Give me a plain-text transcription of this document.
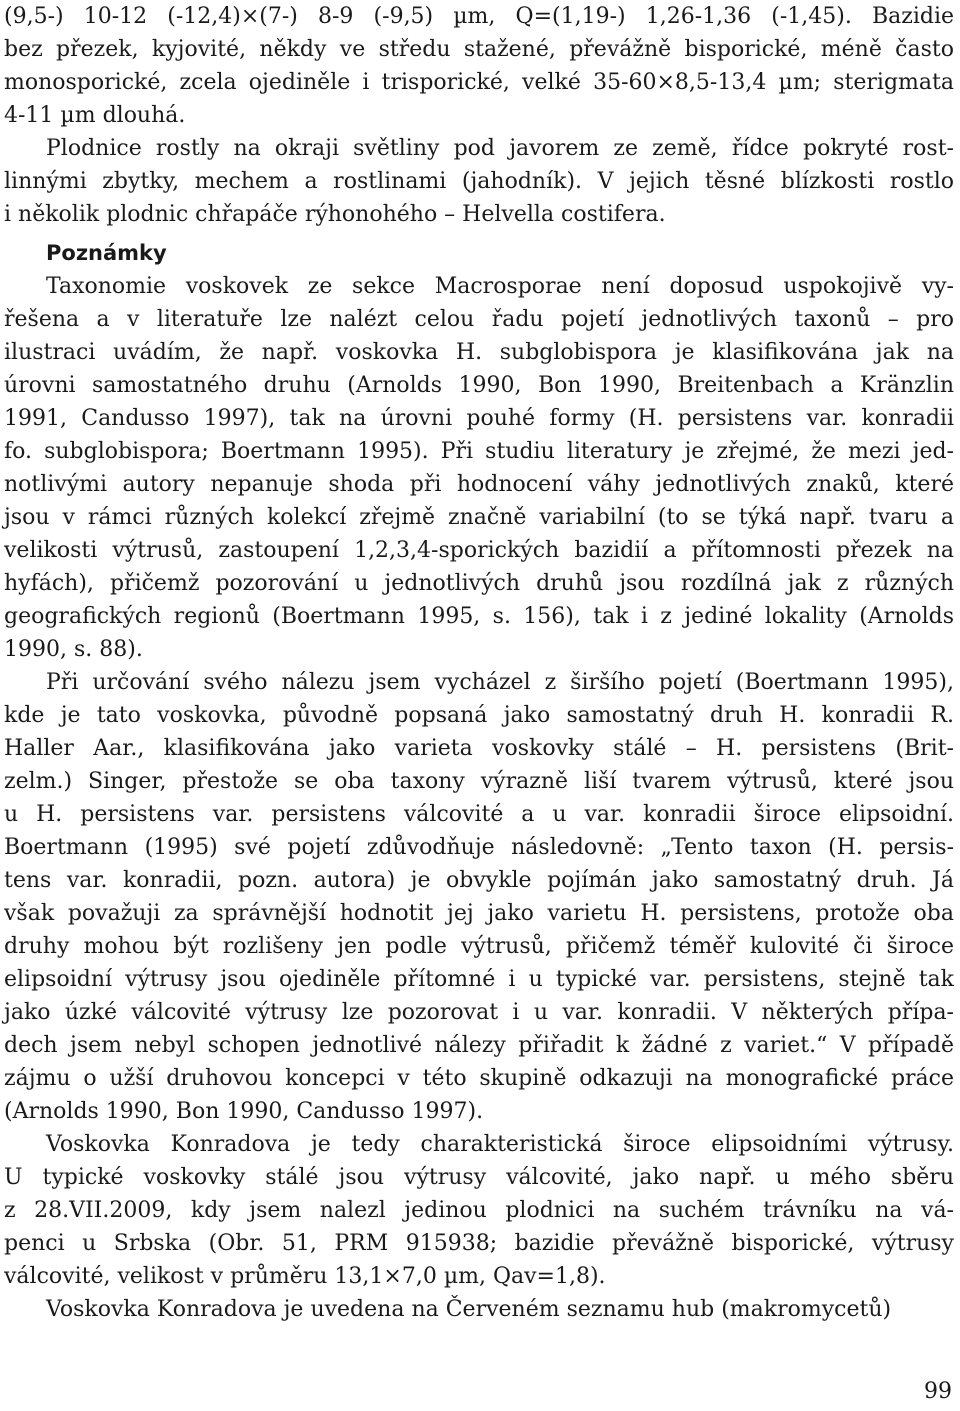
(9,5-) 10-12 (-12,4)×(7-) 8-9 (-9,5) µm, Q=(1,19-) 1,26-1,36 (-1,45). Bazidie
bez přezek, kyjovité, někdy ve středu stažené, převážně bisporické, méně často
monosporické, zcela ojediněle i trisporické, velké 35-60×8,5-13,4 µm; sterigmata
4-11 µm dlouhá.
Plodnice rostly na okraji světliny pod javorem ze země, řídce pokryté rost-
linnými zbytky, mechem a rostlinami (jahodník). V jejich těsné blízkosti rostlo
i několik plodnic chřapáče rýhonohého – Helvella costifera.
Poznámky
Taxonomie voskovek ze sekce Macrosporae není doposud uspokojivě vy-
řešena a v literatuře lze nalézt celou řadu pojetí jednotlivých taxonů – pro
ilustraci uvádím, že např. voskovka H. subglobispora je klasifikována jak na
úrovni samostatného druhu (Arnolds 1990, Bon 1990, Breitenbach a Kränzlin
1991, Candusso 1997), tak na úrovni pouhé formy (H. persistens var. konradii
fo. subglobispora; Boertmann 1995). Při studiu literatury je zřejmé, že mezi jed-
notlivými autory nepanuje shoda při hodnocení váhy jednotlivých znaků, které
jsou v rámci různých kolekcí zřejmě značně variabilní (to se týká např. tvaru a
velikosti výtrusů, zastoupení 1,2,3,4-sporických bazidií a přítomnosti přezek na
hyfách), přičemž pozorování u jednotlivých druhů jsou rozdílná jak z různých
geografických regionů (Boertmann 1995, s. 156), tak i z jediné lokality (Arnolds
1990, s. 88).
Při určování svého nálezu jsem vycházel z širšího pojetí (Boertmann 1995),
kde je tato voskovka, původně popsaná jako samostatný druh H. konradii R.
Haller Aar., klasifikována jako varieta voskovky stálé – H. persistens (Brit-
zelm.) Singer, přestože se oba taxony výrazně liší tvarem výtrusů, které jsou
u H. persistens var. persistens válcovité a u var. konradii široce elipsoidní.
Boertmann (1995) své pojetí zdůvodňuje následovně: „Tento taxon (H. persis-
tens var. konradii, pozn. autora) je obvykle pojímán jako samostatný druh. Já
však považuji za správnější hodnotit jej jako varietu H. persistens, protože oba
druhy mohou být rozlišeny jen podle výtrusů, přičemž téměř kulovité či široce
elipsoidní výtrusy jsou ojediněle přítomné i u typické var. persistens, stejně tak
jako úzké válcovité výtrusy lze pozorovat i u var. konradii. V některých přípa-
dech jsem nebyl schopen jednotlivé nálezy přiřadit k žádné z variet.“ V případě
zájmu o užší druhovou koncepci v této skupině odkazuji na monografické práce
(Arnolds 1990, Bon 1990, Candusso 1997).
Voskovka Konradova je tedy charakteristická široce elipsoidními výtrusy.
U typické voskovky stálé jsou výtrusy válcovité, jako např. u mého sběru
z 28.VII.2009, kdy jsem nalezl jedinou plodnici na suchém trávníku na vá-
penci u Srbska (Obr. 51, PRM 915938; bazidie převážně bisporické, výtrusy
válcovité, velikost v průměru 13,1×7,0 µm, Qav=1,8).
Voskovka Konradova je uvedena na Červeném seznamu hub (makromycetů)
99
